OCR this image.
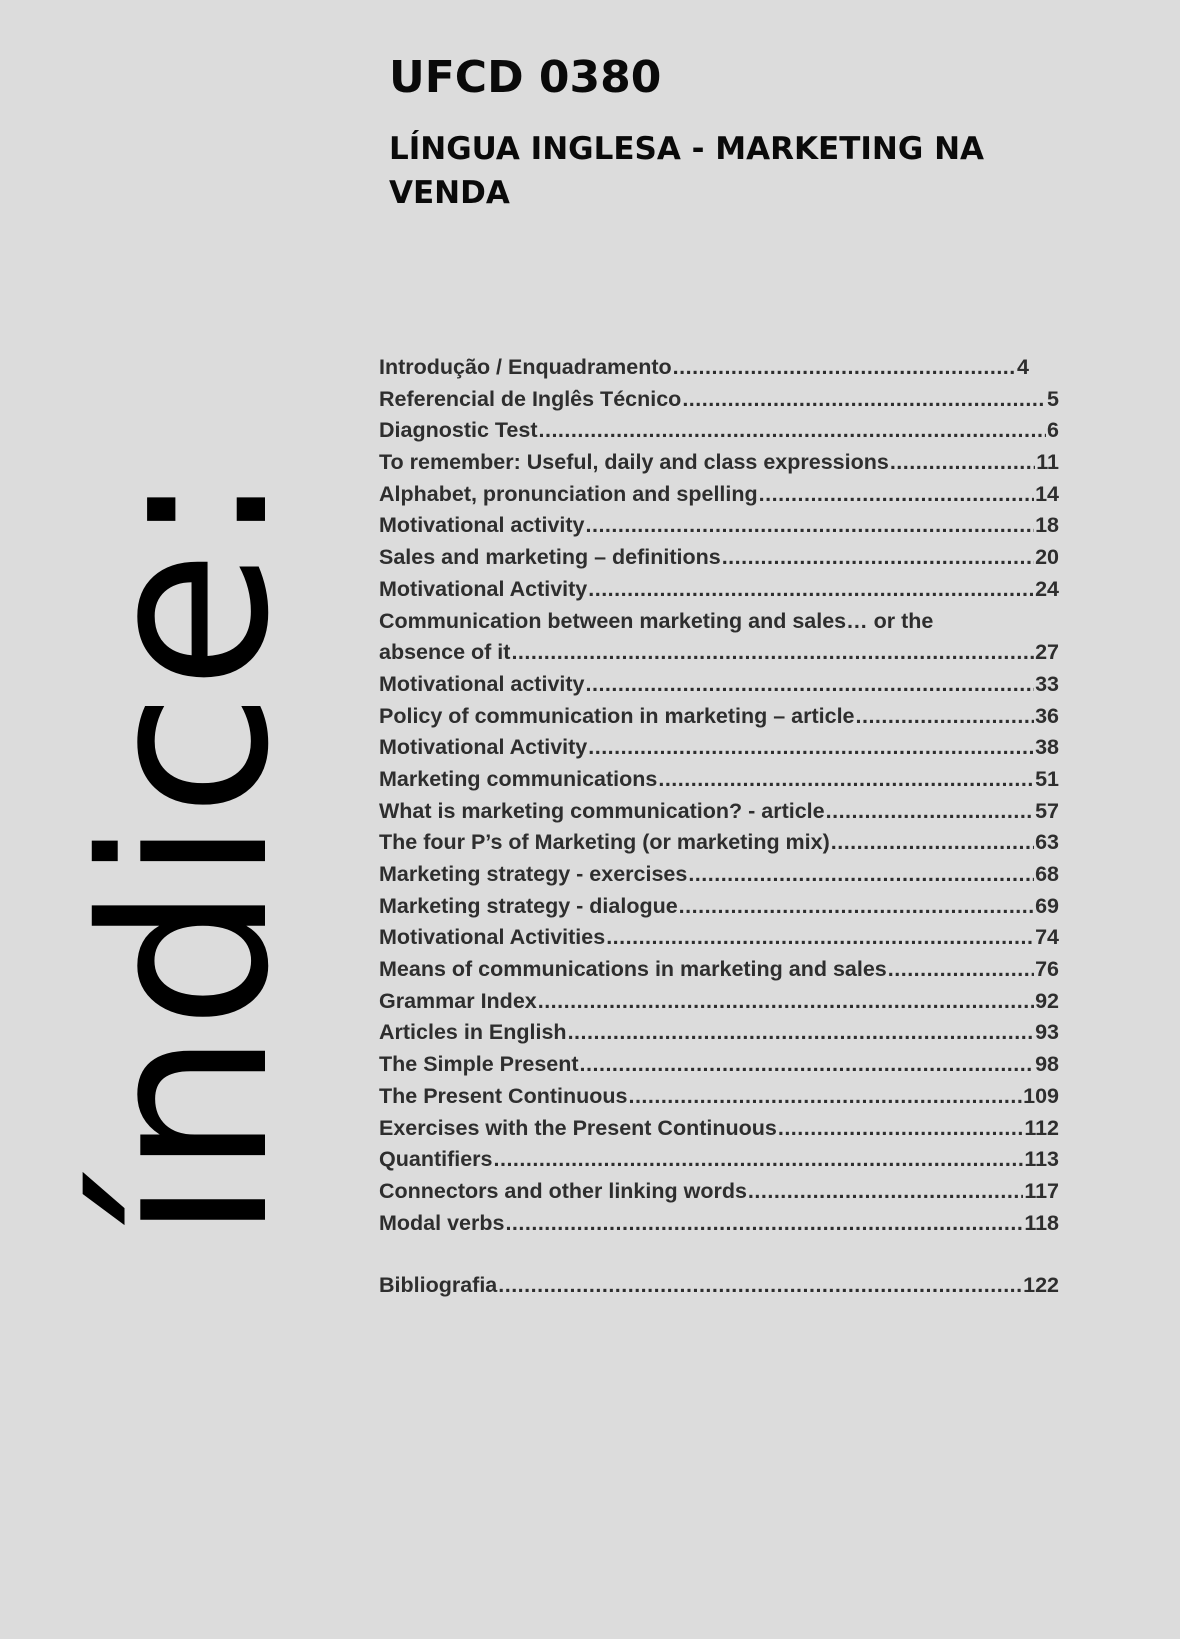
índice:
UFCD 0380
LÍNGUA INGLESA - MARKETING NA VENDA
Introdução / Enquadramento .....	4
Referencial de Inglês Técnico .....	5
Diagnostic Test .....	6
To remember: Useful, daily and class expressions .....	11
Alphabet, pronunciation and spelling .....	14
Motivational activity .....	18
Sales and marketing – definitions .....	20
Motivational Activity .....	24
Communication between marketing and sales… or the
absence of it .....	27
Motivational activity .....	33
Policy of communication in marketing – article .....	36
Motivational Activity .....	38
Marketing communications .....	51
What is marketing communication? - article .....	57
The four P’s of Marketing (or marketing mix) .....	63
Marketing strategy - exercises .....	68
Marketing strategy - dialogue .....	69
Motivational Activities .....	74
Means of communications in marketing and sales .....	76
Grammar Index .....	92
Articles in English .....	93
The Simple Present .....	98
The Present Continuous .....	109
Exercises with the Present Continuous .....	112
Quantifiers .....	113
Connectors and other linking words .....	117
Modal verbs .....	118
Bibliografia .....	122
